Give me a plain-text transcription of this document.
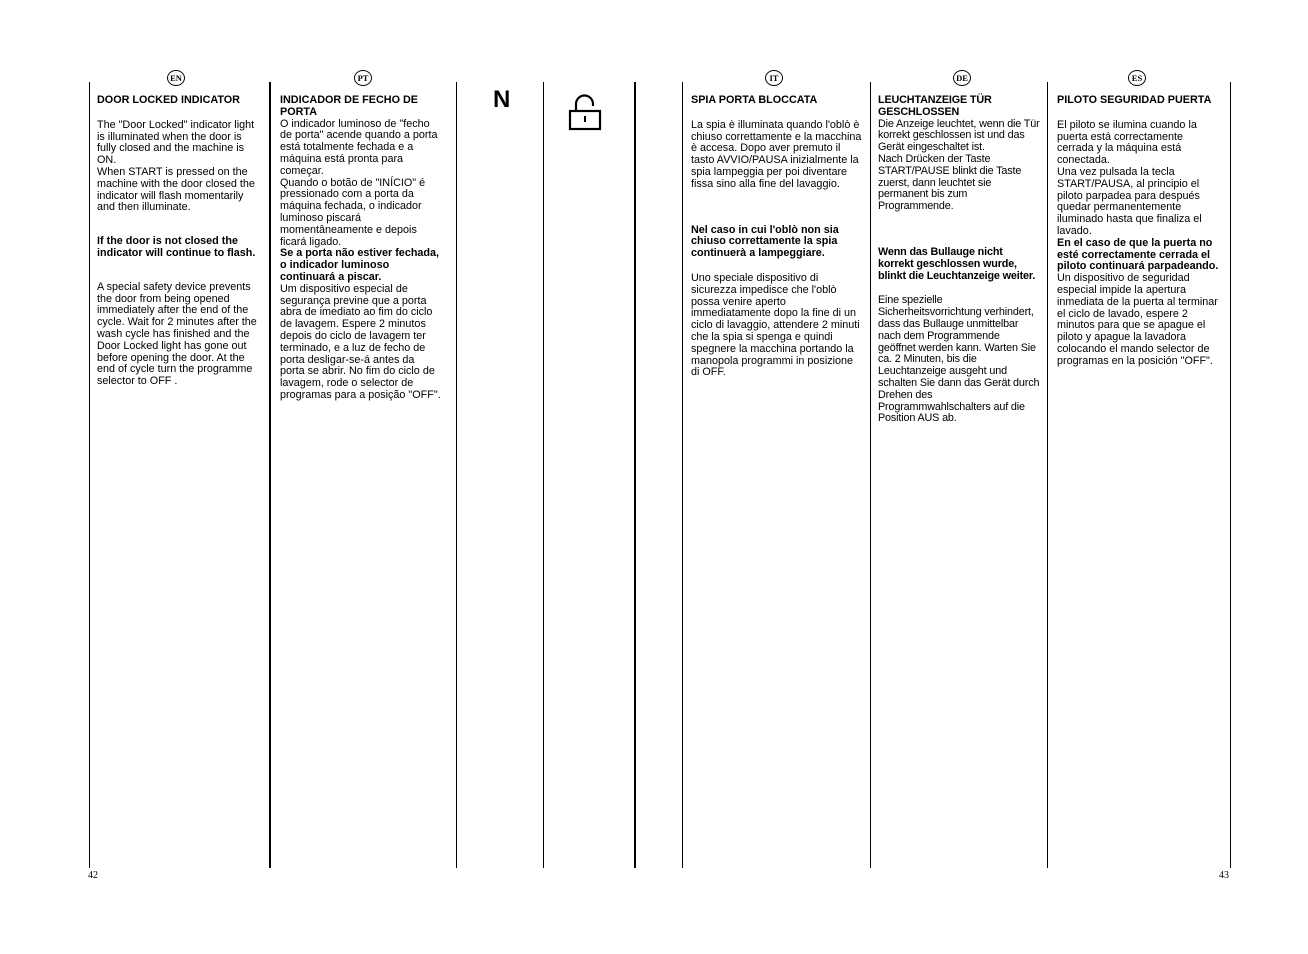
EN	PT	IT	DE	ES
N

DOOR LOCKED INDICATOR

The "Door Locked" indicator light is illuminated when the door is fully closed and the machine is ON.
When START is pressed on the machine with the door closed the indicator will flash momentarily and then illuminate.

If the door is not closed the indicator will continue to flash.

A special safety device prevents the door from being opened immediately after the end of the cycle. Wait for 2 minutes after the wash cycle has finished and the Door Locked light has gone out before opening the door. At the end of cycle turn the programme selector to OFF .

INDICADOR DE FECHO DE PORTA

O indicador luminoso de "fecho de porta" acende quando a porta está totalmente fechada e a máquina está pronta para começar.
Quando o botão de "INÍCIO" é pressionado com a porta da máquina fechada, o indicador luminoso piscará momentâneamente e depois ficará ligado.

Se a porta não estiver fechada, o indicador luminoso continuará a piscar.

Um dispositivo especial de segurança previne que a porta abra de imediato ao fim do ciclo de lavagem. Espere 2 minutos depois do ciclo de lavagem ter terminado, e a luz de fecho de porta desligar-se-á antes da porta se abrir. No fim do ciclo de lavagem, rode o selector de programas para a posição "OFF".

SPIA PORTA BLOCCATA

La spia è illuminata quando l'oblò è chiuso correttamente e la macchina è accesa. Dopo aver premuto il tasto AVVIO/PAUSA inizialmente la spia lampeggia per poi diventare fissa sino alla fine del lavaggio.

Nel caso in cui l'oblò non sia chiuso correttamente la spia continuerà a lampeggiare.

Uno speciale dispositivo di sicurezza impedisce che l'oblò possa venire aperto immediatamente dopo la fine di un ciclo di lavaggio, attendere 2 minuti che la spia si spenga e quindi spegnere la macchina portando la manopola programmi in posizione di OFF.

LEUCHTANZEIGE TÜR GESCHLOSSEN

Die Anzeige leuchtet, wenn die Tür korrekt geschlossen ist und das Gerät eingeschaltet ist.
Nach Drücken der Taste START/PAUSE blinkt die Taste zuerst, dann leuchtet sie permanent bis zum Programmende.

Wenn das Bullauge nicht korrekt geschlossen wurde, blinkt die Leuchtanzeige weiter.

Eine spezielle Sicherheitsvorrichtung verhindert, dass das Bullauge unmittelbar nach dem Programmende geöffnet werden kann. Warten Sie ca. 2 Minuten, bis die Leuchtanzeige ausgeht und schalten Sie dann das Gerät durch Drehen des Programmwahlschalters auf die Position AUS ab.

PILOTO SEGURIDAD PUERTA

El piloto se ilumina cuando la puerta está correctamente cerrada y la máquina está conectada.
Una vez pulsada la tecla START/PAUSA, al principio el piloto parpadea para después quedar permanentemente iluminado hasta que finaliza el lavado.

En el caso de que la puerta no esté correctamente cerrada el piloto continuará parpadeando.

Un dispositivo de seguridad especial impide la apertura inmediata de la puerta al terminar el ciclo de lavado, espere 2 minutos para que se apague el piloto y apague la lavadora colocando el mando selector de programas en la posición "OFF".

42	43
